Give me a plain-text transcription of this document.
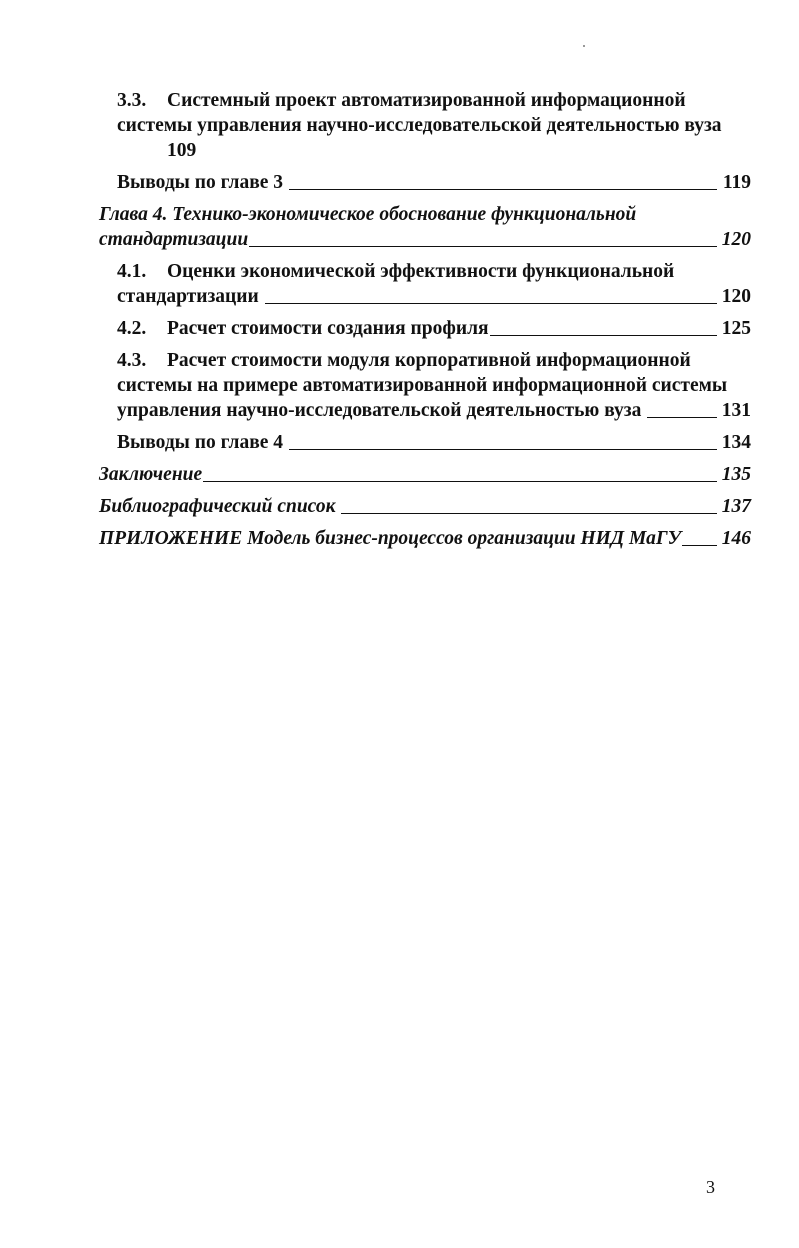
3.3.	Системный проект автоматизированной информационной
системы управления научно-исследовательской деятельностью вуза
109
Выводы по главе 3	119
Глава 4. Технико-экономическое обоснование функциональной
стандартизации	120
4.1.	Оценки экономической эффективности функциональной
стандартизации	120
4.2.	Расчет стоимости создания профиля	125
4.3.	Расчет стоимости модуля корпоративной информационной
системы на примере автоматизированной информационной системы
управления научно-исследовательской деятельностью вуза	131
Выводы по главе 4	134
Заключение	135
Библиографический список	137
ПРИЛОЖЕНИЕ Модель бизнес-процессов организации НИД МаГУ 146
3
